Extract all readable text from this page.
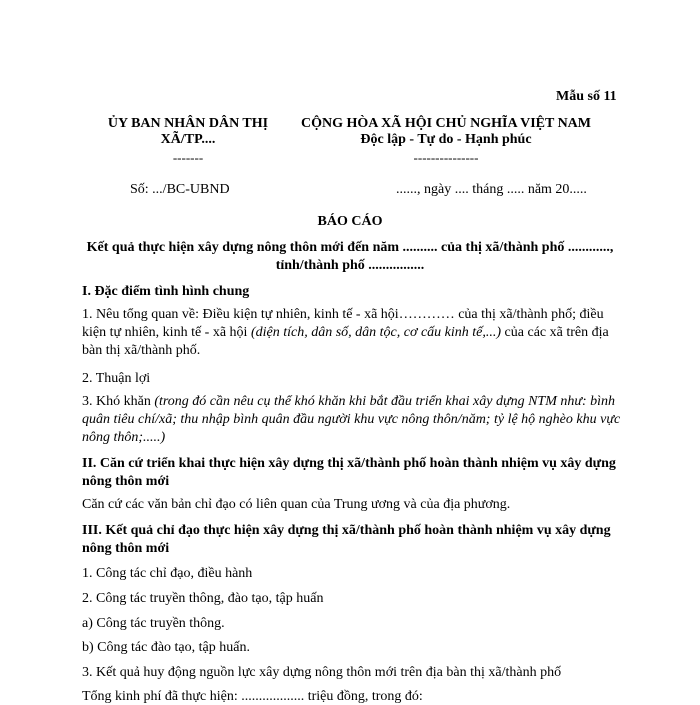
Mẫu số 11
ỦY BAN NHÂN DÂN THỊ
XÃ/TP....
-------
CỘNG HÒA XÃ HỘI CHỦ NGHĨA VIỆT NAM
Độc lập - Tự do - Hạnh phúc
---------------
Số: .../BC-UBND	......, ngày .... tháng ..... năm 20.....
BÁO CÁO
Kết quả thực hiện xây dựng nông thôn mới đến năm .......... của thị xã/thành phố ............,
tỉnh/thành phố ................
I. Đặc điểm tình hình chung
1. Nêu tổng quan về: Điều kiện tự nhiên, kinh tế - xã hội………… của thị xã/thành phố; điều kiện tự nhiên, kinh tế - xã hội (diện tích, dân số, dân tộc, cơ cấu kinh tế,...) của các xã trên địa bàn thị xã/thành phố.
2. Thuận lợi
3. Khó khăn (trong đó cần nêu cụ thể khó khăn khi bắt đầu triển khai xây dựng NTM như: bình quân tiêu chí/xã; thu nhập bình quân đầu người khu vực nông thôn/năm; tỷ lệ hộ nghèo khu vực nông thôn;.....)
II. Căn cứ triển khai thực hiện xây dựng thị xã/thành phố hoàn thành nhiệm vụ xây dựng nông thôn mới
Căn cứ các văn bản chỉ đạo có liên quan của Trung ương và của địa phương.
III. Kết quả chỉ đạo thực hiện xây dựng thị xã/thành phố hoàn thành nhiệm vụ xây dựng nông thôn mới
1. Công tác chỉ đạo, điều hành
2. Công tác truyền thông, đào tạo, tập huấn
a) Công tác truyền thông.
b) Công tác đào tạo, tập huấn.
3. Kết quả huy động nguồn lực xây dựng nông thôn mới trên địa bàn thị xã/thành phố
Tổng kinh phí đã thực hiện: .................. triệu đồng, trong đó:
